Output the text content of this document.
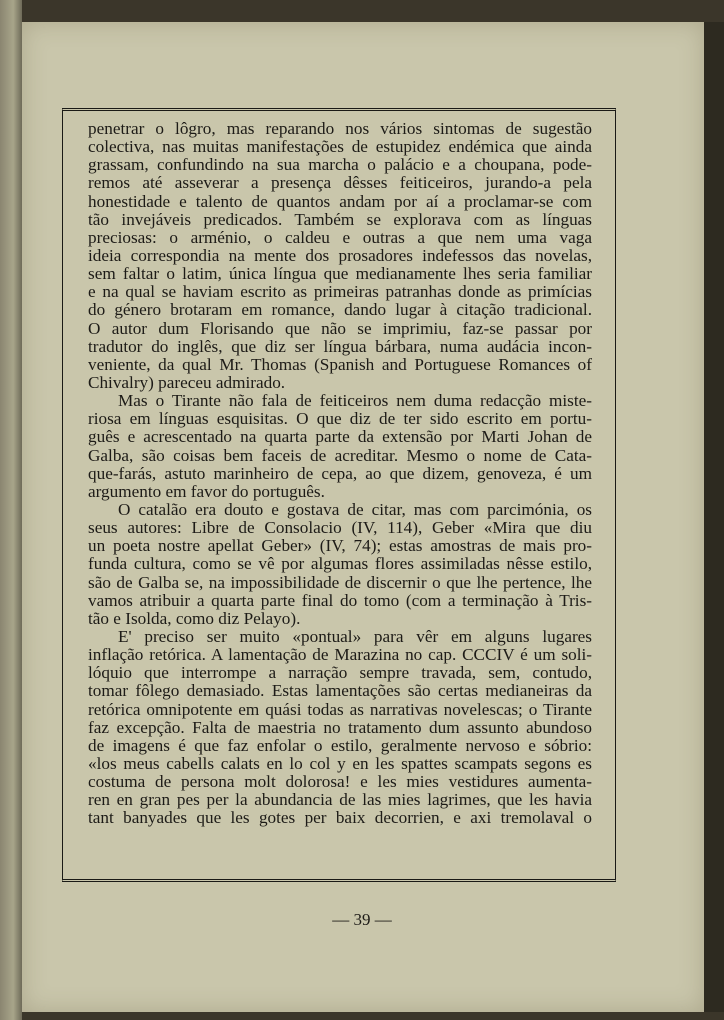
penetrar o lôgro, mas reparando nos vários sintomas de sugestão
colectiva, nas muitas manifestações de estupidez endémica que ainda
grassam, confundindo na sua marcha o palácio e a choupana, pode-
remos até asseverar a presença dêsses feiticeiros, jurando-a pela
honestidade e talento de quantos andam por aí a proclamar-se com
tão invejáveis predicados. Também se explorava com as línguas
preciosas: o arménio, o caldeu e outras a que nem uma vaga
ideia correspondia na mente dos prosadores indefessos das novelas,
sem faltar o latim, única língua que medianamente lhes seria familiar
e na qual se haviam escrito as primeiras patranhas donde as primícias
do género brotaram em romance, dando lugar à citação tradicional.
O autor dum Florisando que não se imprimiu, faz-se passar por
tradutor do inglês, que diz ser língua bárbara, numa audácia incon-
veniente, da qual Mr. Thomas (Spanish and Portuguese Romances of
Chivalry) pareceu admirado.
Mas o Tirante não fala de feiticeiros nem duma redacção miste-
riosa em línguas esquisitas. O que diz de ter sido escrito em portu-
guês e acrescentado na quarta parte da extensão por Marti Johan de
Galba, são coisas bem faceis de acreditar. Mesmo o nome de Cata-
que-farás, astuto marinheiro de cepa, ao que dizem, genoveza, é um
argumento em favor do português.
O catalão era douto e gostava de citar, mas com parcimónia, os
seus autores: Libre de Consolacio (IV, 114), Geber «Mira que diu
un poeta nostre apellat Geber» (IV, 74); estas amostras de mais pro-
funda cultura, como se vê por algumas flores assimiladas nêsse estilo,
são de Galba se, na impossibilidade de discernir o que lhe pertence, lhe
vamos atribuir a quarta parte final do tomo (com a terminação à Tris-
tão e Isolda, como diz Pelayo).
E' preciso ser muito «pontual» para vêr em alguns lugares
inflação retórica. A lamentação de Marazina no cap. CCCIV é um soli-
lóquio que interrompe a narração sempre travada, sem, contudo,
tomar fôlego demasiado. Estas lamentações são certas medianeiras da
retórica omnipotente em quási todas as narrativas novelescas; o Tirante
faz excepção. Falta de maestria no tratamento dum assunto abundoso
de imagens é que faz enfolar o estilo, geralmente nervoso e sóbrio:
«los meus cabells calats en lo col y en les spattes scampats segons es
costuma de persona molt dolorosa! e les mies vestidures aumenta-
ren en gran pes per la abundancia de las mies lagrimes, que les havia
tant banyades que les gotes per baix decorrien, e axi tremolaval o
— 39 —
